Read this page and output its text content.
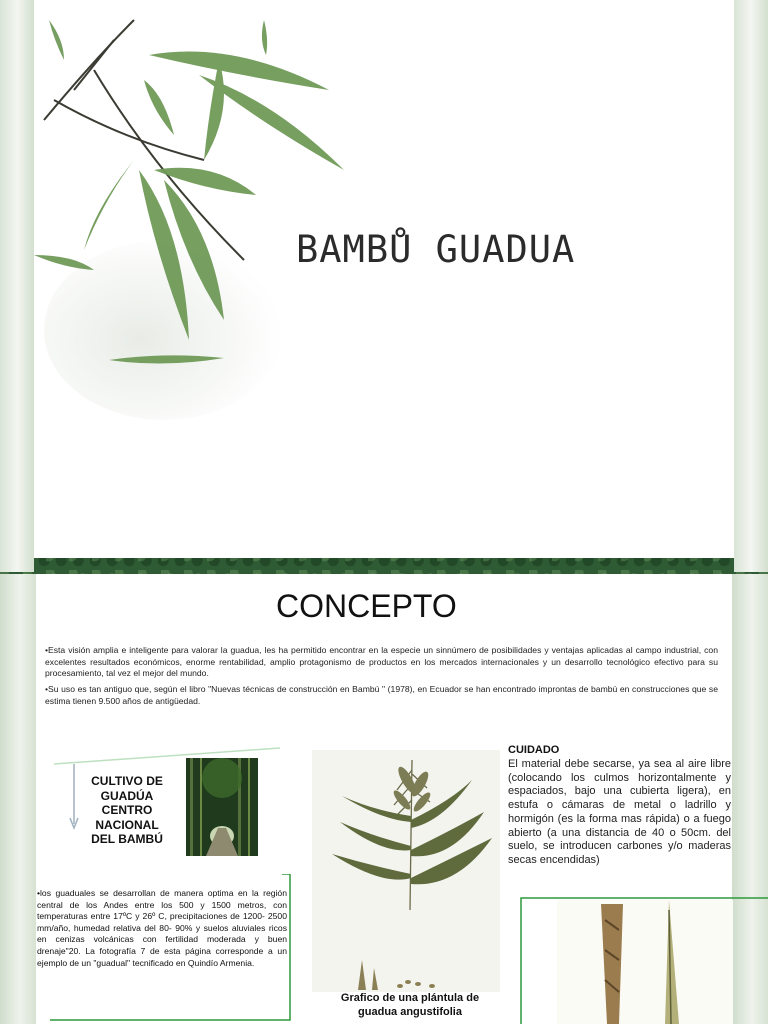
BAMBŮ GUADUA
CONCEPTO
•Esta visión amplia e inteligente para valorar la guadua, les ha permitido encontrar en la especie un sinnúmero de posibilidades y ventajas aplicadas al campo industrial, con excelentes resultados económicos, enorme rentabilidad, amplio protagonismo de productos en los mercados internacionales y un desarrollo tecnológico efectivo para su procesamiento, tal vez el mejor del mundo.
•Su uso es tan antiguo que, según el libro "Nuevas técnicas de construcción en Bambú " (1978), en Ecuador se han encontrado improntas de bambú en construcciones que se estima tienen 9.500 años de antigüedad.
CULTIVO DE GUADÚA CENTRO NACIONAL DEL BAMBÚ
•los guaduales se desarrollan de manera optima en la región central de los Andes entre los 500 y 1500 metros, con temperaturas entre 17ºC y 26º C, precipitaciones de 1200- 2500 mm/año, humedad relativa del 80- 90% y suelos aluviales ricos en cenizas volcánicas con fertilidad moderada y buen drenaje"20. La fotografía 7 de esta página corresponde a un ejemplo de un "guadual" tecnificado en Quindío Armenia.
Grafico de una plántula de guadua angustifolia
CUIDADO
El material debe secarse, ya sea al aire libre (colocando los culmos horizontalmente y espaciados, bajo una cubierta ligera), en estufa o cámaras de metal o ladrillo y hormigón (es la forma mas rápida) o a fuego abierto (a una distancia de 40 o 50cm. del suelo, se introducen carbones y/o maderas secas encendidas)
